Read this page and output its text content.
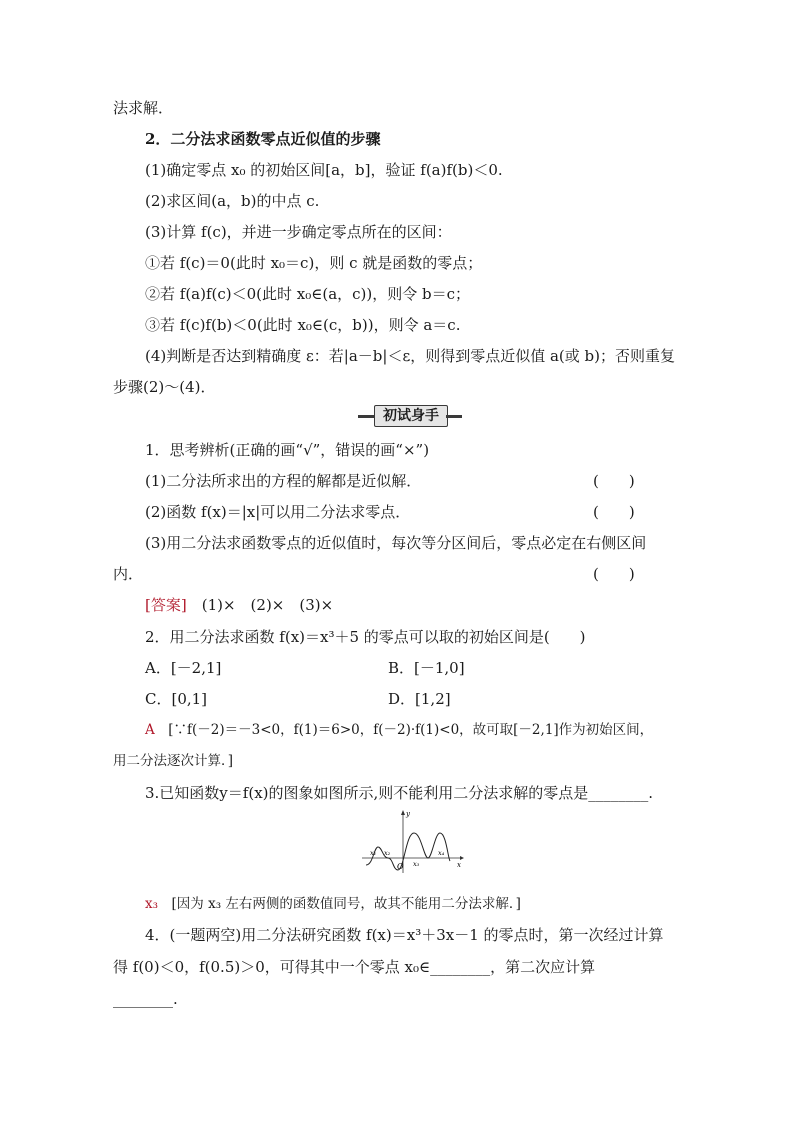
法求解．
2．二分法求函数零点近似值的步骤
(1)确定零点 x₀ 的初始区间[a，b]，验证 f(a)f(b)＜0.
(2)求区间(a，b)的中点 c.
(3)计算 f(c)，并进一步确定零点所在的区间：
①若 f(c)＝0(此时 x₀＝c)，则 c 就是函数的零点；
②若 f(a)f(c)＜0(此时 x₀∈(a，c))，则令 b＝c；
③若 f(c)f(b)＜0(此时 x₀∈(c，b))，则令 a＝c.
(4)判断是否达到精确度 ε：若|a－b|＜ε，则得到零点近似值 a(或 b)；否则重复
步骤(2)～(4)．
初试身手
1．思考辨析(正确的画“√”，错误的画“×”)
(1)二分法所求出的方程的解都是近似解．	(　　)
(2)函数 f(x)＝|x|可以用二分法求零点．	(　　)
(3)用二分法求函数零点的近似值时，每次等分区间后，零点必定在右侧区间
内．	(　　)
[答案]　 (1)×　(2)×　(3)×
2．用二分法求函数 f(x)＝x³＋5 的零点可以取的初始区间是(　　)
A．[－2,1]	B．[－1,0]
C．[0,1]	D．[1,2]
A　 [∵f(－2)＝－3<0，f(1)＝6>0，f(－2)·f(1)<0，故可取[－2,1]作为初始区间，
用二分法逐次计算．]
3.已知函数y＝f(x)的图象如图所示,则不能利用二分法求解的零点是________.
y
x
O
x₁ x₂
x₃
x₄
x₃　 [因为 x₃ 左右两侧的函数值同号，故其不能用二分法求解．]
4．(一题两空)用二分法研究函数 f(x)＝x³＋3x－1 的零点时，第一次经过计算
得 f(0)＜0，f(0.5)＞0，可得其中一个零点 x₀∈________，第二次应计算
________.
